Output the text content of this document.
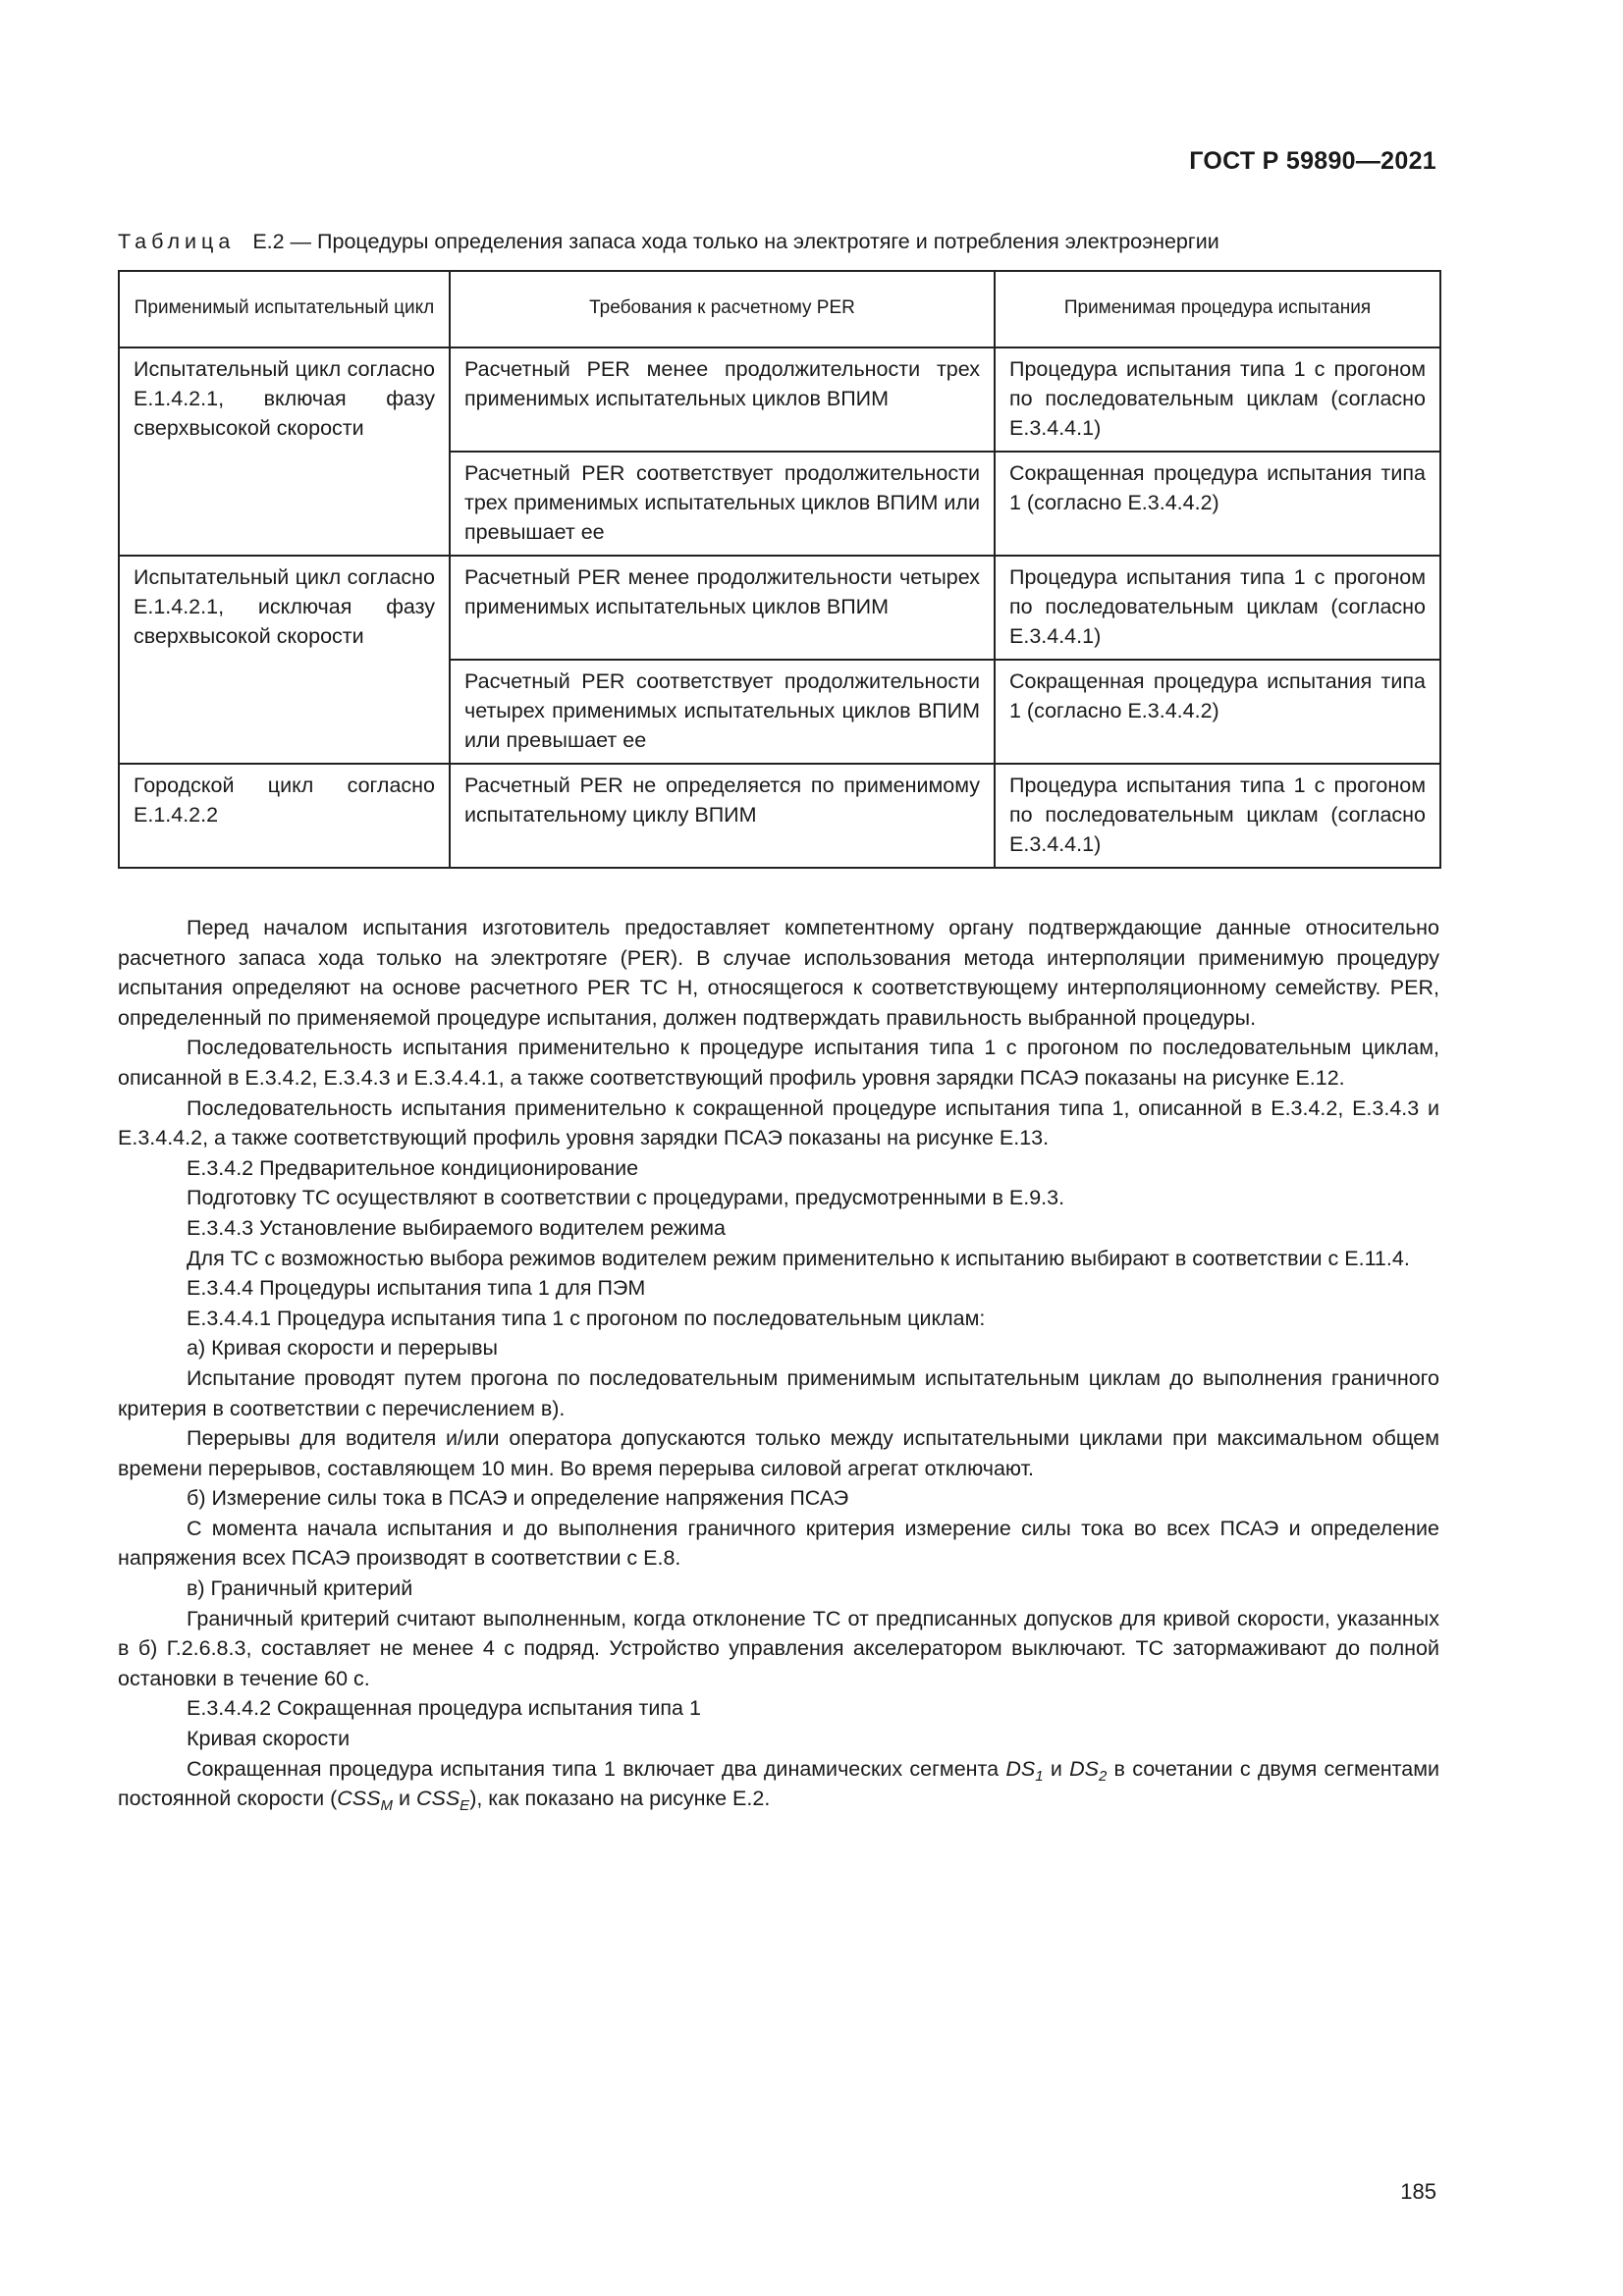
ГОСТ Р 59890—2021
Таблица Е.2 — Процедуры определения запаса хода только на электротяге и потребления электроэнергии
Применимый испытательный цикл	Требования к расчетному PER	Применимая процедура испытания
Испытательный цикл согласно Е.1.4.2.1, включая фазу сверхвысокой скорости	Расчетный PER менее продолжительности трех применимых испытательных циклов ВПИМ	Процедура испытания типа 1 с прогоном по последовательным циклам (согласно Е.3.4.4.1)
	Расчетный PER соответствует продолжительности трех применимых испытательных циклов ВПИМ или превышает ее	Сокращенная процедура испытания типа 1 (согласно Е.3.4.4.2)
Испытательный цикл согласно Е.1.4.2.1, исключая фазу сверхвысокой скорости	Расчетный PER менее продолжительности четырех применимых испытательных циклов ВПИМ	Процедура испытания типа 1 с прогоном по последовательным циклам (согласно Е.3.4.4.1)
	Расчетный PER соответствует продолжительности четырех применимых испытательных циклов ВПИМ или превышает ее	Сокращенная процедура испытания типа 1 (согласно Е.3.4.4.2)
Городской цикл согласно Е.1.4.2.2	Расчетный PER не определяется по применимому испытательному циклу ВПИМ	Процедура испытания типа 1 с прогоном по последовательным циклам (согласно Е.3.4.4.1)

Перед началом испытания изготовитель предоставляет компетентному органу подтверждающие данные относительно расчетного запаса хода только на электротяге (PER). В случае использования метода интерполяции применимую процедуру испытания определяют на основе расчетного PER ТС H, относящегося к соответствующему интерполяционному семейству. PER, определенный по применяемой процедуре испытания, должен подтверждать правильность выбранной процедуры.

Последовательность испытания применительно к процедуре испытания типа 1 с прогоном по последовательным циклам, описанной в Е.3.4.2, Е.3.4.3 и Е.3.4.4.1, а также соответствующий профиль уровня зарядки ПСАЭ показаны на рисунке Е.12.

Последовательность испытания применительно к сокращенной процедуре испытания типа 1, описанной в Е.3.4.2, Е.3.4.3 и Е.3.4.4.2, а также соответствующий профиль уровня зарядки ПСАЭ показаны на рисунке Е.13.

Е.3.4.2 Предварительное кондиционирование

Подготовку ТС осуществляют в соответствии с процедурами, предусмотренными в Е.9.3.

Е.3.4.3 Установление выбираемого водителем режима

Для ТС с возможностью выбора режимов водителем режим применительно к испытанию выбирают в соответствии с Е.11.4.

Е.3.4.4 Процедуры испытания типа 1 для ПЭМ

Е.3.4.4.1 Процедура испытания типа 1 с прогоном по последовательным циклам:

а) Кривая скорости и перерывы

Испытание проводят путем прогона по последовательным применимым испытательным циклам до выполнения граничного критерия в соответствии с перечислением в).

Перерывы для водителя и/или оператора допускаются только между испытательными циклами при максимальном общем времени перерывов, составляющем 10 мин. Во время перерыва силовой агрегат отключают.

б) Измерение силы тока в ПСАЭ и определение напряжения ПСАЭ

С момента начала испытания и до выполнения граничного критерия измерение силы тока во всех ПСАЭ и определение напряжения всех ПСАЭ производят в соответствии с Е.8.

в) Граничный критерий

Граничный критерий считают выполненным, когда отклонение ТС от предписанных допусков для кривой скорости, указанных в б) Г.2.6.8.3, составляет не менее 4 с подряд. Устройство управления акселератором выключают. ТС затормаживают до полной остановки в течение 60 с.

Е.3.4.4.2 Сокращенная процедура испытания типа 1

Кривая скорости

Сокращенная процедура испытания типа 1 включает два динамических сегмента $DS_1$ и $DS_2$ в сочетании с двумя сегментами постоянной скорости ($CSS_M$ и $CSS_E$), как показано на рисунке Е.2.

185
